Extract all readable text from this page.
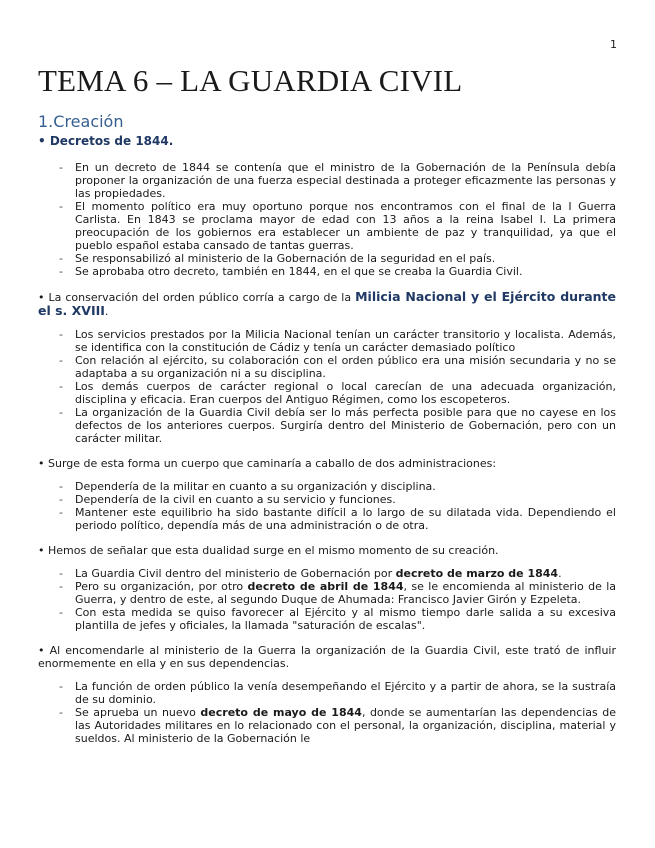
1
TEMA 6 – LA GUARDIA CIVIL
1.Creación

• Decretos de 1844.

- En un decreto de 1844 se contenía que el ministro de la Gobernación de la Península debía proponer la organización de una fuerza especial destinada a proteger eficazmente las personas y las propiedades.
- El momento político era muy oportuno porque nos encontramos con el final de la I Guerra Carlista. En 1843 se proclama mayor de edad con 13 años a la reina Isabel I. La primera preocupación de los gobiernos era establecer un ambiente de paz y tranquilidad, ya que el pueblo español estaba cansado de tantas guerras.
- Se responsabilizó al ministerio de la Gobernación de la seguridad en el país.
- Se aprobaba otro decreto, también en 1844, en el que se creaba la Guardia Civil.

• La conservación del orden público corría a cargo de la Milicia Nacional y el Ejército durante el s. XVIII.

- Los servicios prestados por la Milicia Nacional tenían un carácter transitorio y localista. Además, se identifica con la constitución de Cádiz y tenía un carácter demasiado político
- Con relación al ejército, su colaboración con el orden público era una misión secundaria y no se adaptaba a su organización ni a su disciplina.
- Los demás cuerpos de carácter regional o local carecían de una adecuada organización, disciplina y eficacia. Eran cuerpos del Antiguo Régimen, como los escopeteros.
- La organización de la Guardia Civil debía ser lo más perfecta posible para que no cayese en los defectos de los anteriores cuerpos. Surgiría dentro del Ministerio de Gobernación, pero con un carácter militar.

• Surge de esta forma un cuerpo que caminaría a caballo de dos administraciones:

- Dependería de la militar en cuanto a su organización y disciplina.
- Dependería de la civil en cuanto a su servicio y funciones.
- Mantener este equilibrio ha sido bastante difícil a lo largo de su dilatada vida. Dependiendo el periodo político, dependía más de una administración o de otra.

• Hemos de señalar que esta dualidad surge en el mismo momento de su creación.

- La Guardia Civil dentro del ministerio de Gobernación por decreto de marzo de 1844.
- Pero su organización, por otro decreto de abril de 1844, se le encomienda al ministerio de la Guerra, y dentro de este, al segundo Duque de Ahumada: Francisco Javier Girón y Ezpeleta.
- Con esta medida se quiso favorecer al Ejército y al mismo tiempo darle salida a su excesiva plantilla de jefes y oficiales, la llamada "saturación de escalas".

• Al encomendarle al ministerio de la Guerra la organización de la Guardia Civil, este trató de influir enormemente en ella y en sus dependencias.

- La función de orden público la venía desempeñando el Ejército y a partir de ahora, se la sustraía de su dominio.
- Se aprueba un nuevo decreto de mayo de 1844, donde se aumentarían las dependencias de las Autoridades militares en lo relacionado con el personal, la organización, disciplina, material y sueldos. Al ministerio de la Gobernación le
